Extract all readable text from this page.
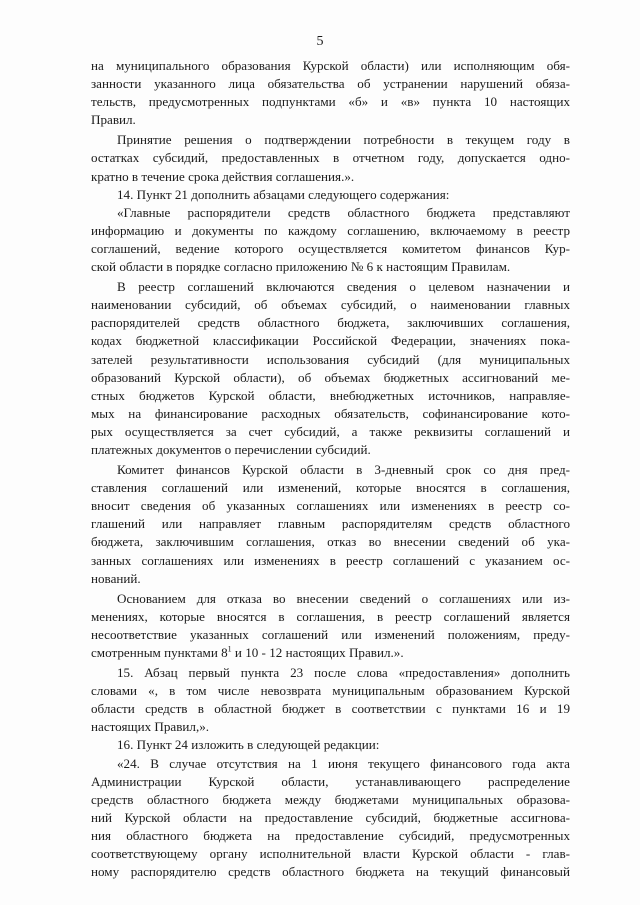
5
на муниципального образования Курской области) или исполняющим обя-
занности указанного лица обязательства об устранении нарушений обяза-
тельств, предусмотренных подпунктами «б» и «в» пункта 10 настоящих
Правил.
Принятие решения о подтверждении потребности в текущем году в
остатках субсидий, предоставленных в отчетном году, допускается одно-
кратно в течение срока действия соглашения.».
14. Пункт 21 дополнить абзацами следующего содержания:
«Главные распорядители средств областного бюджета представляют
информацию и документы по каждому соглашению, включаемому в реестр
соглашений, ведение которого осуществляется комитетом финансов Кур-
ской области в порядке согласно приложению № 6 к настоящим Правилам.
В реестр соглашений включаются сведения о целевом назначении и
наименовании субсидий, об объемах субсидий, о наименовании главных
распорядителей средств областного бюджета, заключивших соглашения,
кодах бюджетной классификации Российской Федерации, значениях пока-
зателей результативности использования субсидий (для муниципальных
образований Курской области), об объемах бюджетных ассигнований ме-
стных бюджетов Курской области, внебюджетных источников, направляе-
мых на финансирование расходных обязательств, софинансирование кото-
рых осуществляется за счет субсидий, а также реквизиты соглашений и
платежных документов о перечислении субсидий.
Комитет финансов Курской области в 3-дневный срок со дня пред-
ставления соглашений или изменений, которые вносятся в соглашения,
вносит сведения об указанных соглашениях или изменениях в реестр со-
глашений или направляет главным распорядителям средств областного
бюджета, заключившим соглашения, отказ во внесении сведений об ука-
занных соглашениях или изменениях в реестр соглашений с указанием ос-
нований.
Основанием для отказа во внесении сведений о соглашениях или из-
менениях, которые вносятся в соглашения, в реестр соглашений является
несоответствие указанных соглашений или изменений положениям, преду-
смотренным пунктами $8^1$ и 10 - 12 настоящих Правил.».
15. Абзац первый пункта 23 после слова «предоставления» дополнить
словами «, в том числе невозврата муниципальным образованием Курской
области средств в областной бюджет в соответствии с пунктами 16 и 19
настоящих Правил,».
16. Пункт 24 изложить в следующей редакции:
«24. В случае отсутствия на 1 июня текущего финансового года акта
Администрации Курской области, устанавливающего распределение
средств областного бюджета между бюджетами муниципальных образова-
ний Курской области на предоставление субсидий, бюджетные ассигнова-
ния областного бюджета на предоставление субсидий, предусмотренных
соответствующему органу исполнительной власти Курской области - глав-
ному распорядителю средств областного бюджета на текущий финансовый
